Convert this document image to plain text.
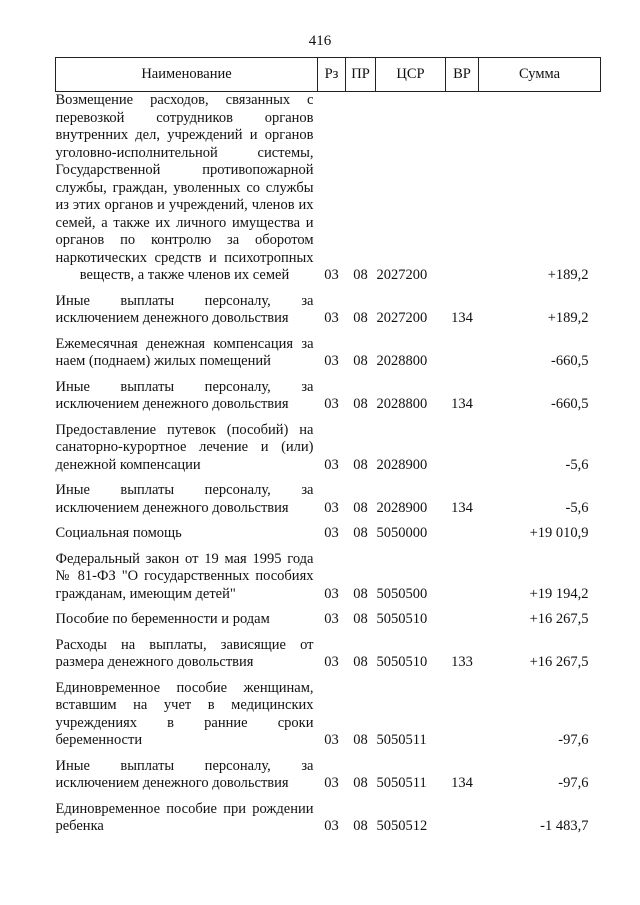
416
Наименование	Рз	ПР	ЦСР	ВР	Сумма
Возмещение расходов, связанных с перевозкой сотрудников органов внутренних дел, учреждений и органов уголовно-исполнительной системы, Государственной противопожарной службы, граждан, уволенных со службы из этих органов и учреждений, членов их семей, а также их личного имущества и органов по контролю за оборотом наркотических средств и психотропных веществ, а также членов их семей	03	08	2027200		+189,2
Иные выплаты персоналу, за исключением денежного довольствия	03	08	2027200	134	+189,2
Ежемесячная денежная компенсация за наем (поднаем) жилых помещений	03	08	2028800		-660,5
Иные выплаты персоналу, за исключением денежного довольствия	03	08	2028800	134	-660,5
Предоставление путевок (пособий) на санаторно-курортное лечение и (или) денежной компенсации	03	08	2028900		-5,6
Иные выплаты персоналу, за исключением денежного довольствия	03	08	2028900	134	-5,6
Социальная помощь	03	08	5050000		+19 010,9
Федеральный закон от 19 мая 1995 года № 81-ФЗ "О государственных пособиях гражданам, имеющим детей"	03	08	5050500		+19 194,2
Пособие по беременности и родам	03	08	5050510		+16 267,5
Расходы на выплаты, зависящие от размера денежного довольствия	03	08	5050510	133	+16 267,5
Единовременное пособие женщинам, вставшим на учет в медицинских учреждениях в ранние сроки беременности	03	08	5050511		-97,6
Иные выплаты персоналу, за исключением денежного довольствия	03	08	5050511	134	-97,6
Единовременное пособие при рождении ребенка	03	08	5050512		-1 483,7
